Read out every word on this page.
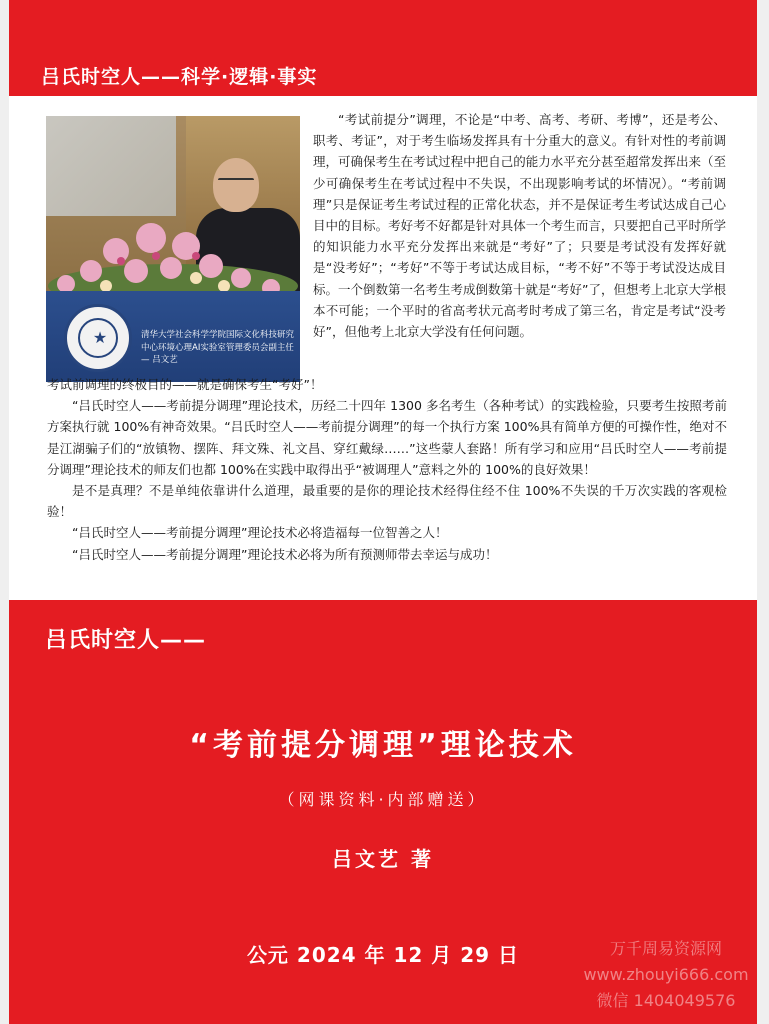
吕氏时空人——科学·逻辑·事实
★	清华大学社会科学学院国际文化科技研究中心环境心理AI实验室管理委员会副主任 — 吕文艺

“考试前提分”调理，不论是“中考、高考、考研、考博”，还是考公、职考、考证”，对于考生临场发挥具有十分重大的意义。有针对性的考前调理，可确保考生在考试过程中把自己的能力水平充分甚至超常发挥出来（至少可确保考生在考试过程中不失误，不出现影响考试的坏情况）。“考前调理”只是保证考生考试过程的正常化状态，并不是保证考生考试达成自己心目中的目标。考好考不好都是针对具体一个考生而言，只要把自己平时所学的知识能力水平充分发挥出来就是“考好”了；只要是考试没有发挥好就是“没考好”；“考好”不等于考试达成目标，“考不好”不等于考试没达成目标。一个倒数第一名考生考成倒数第十就是“考好”了，但想考上北京大学根本不可能；一个平时的省高考状元高考时考成了第三名，肯定是考试“没考好”，但他考上北京大学没有任何问题。

考试前调理的终极目的——就是确保考生“考好”！

“吕氏时空人——考前提分调理”理论技术，历经二十四年 1300 多名考生（各种考试）的实践检验，只要考生按照考前方案执行就 100%有神奇效果。“吕氏时空人——考前提分调理”的每一个执行方案 100%具有简单方便的可操作性，绝对不是江湖骗子们的“放镇物、摆阵、拜文殊、礼文昌、穿红戴绿……”这些蒙人套路！所有学习和应用“吕氏时空人——考前提分调理”理论技术的师友们也都 100%在实践中取得出乎“被调理人”意料之外的 100%的良好效果！

是不是真理？不是单纯依靠讲什么道理，最重要的是你的理论技术经得住经不住 100%不失误的千万次实践的客观检验！

“吕氏时空人——考前提分调理”理论技术必将造福每一位智善之人！

“吕氏时空人——考前提分调理”理论技术必将为所有预测师带去幸运与成功！

吕氏时空人——
“考前提分调理”理论技术
（网课资料·内部赠送）
吕文艺 著
公元 2024 年 12 月 29 日	万千周易资源网
www.zhouyi666.com
微信 1404049576
